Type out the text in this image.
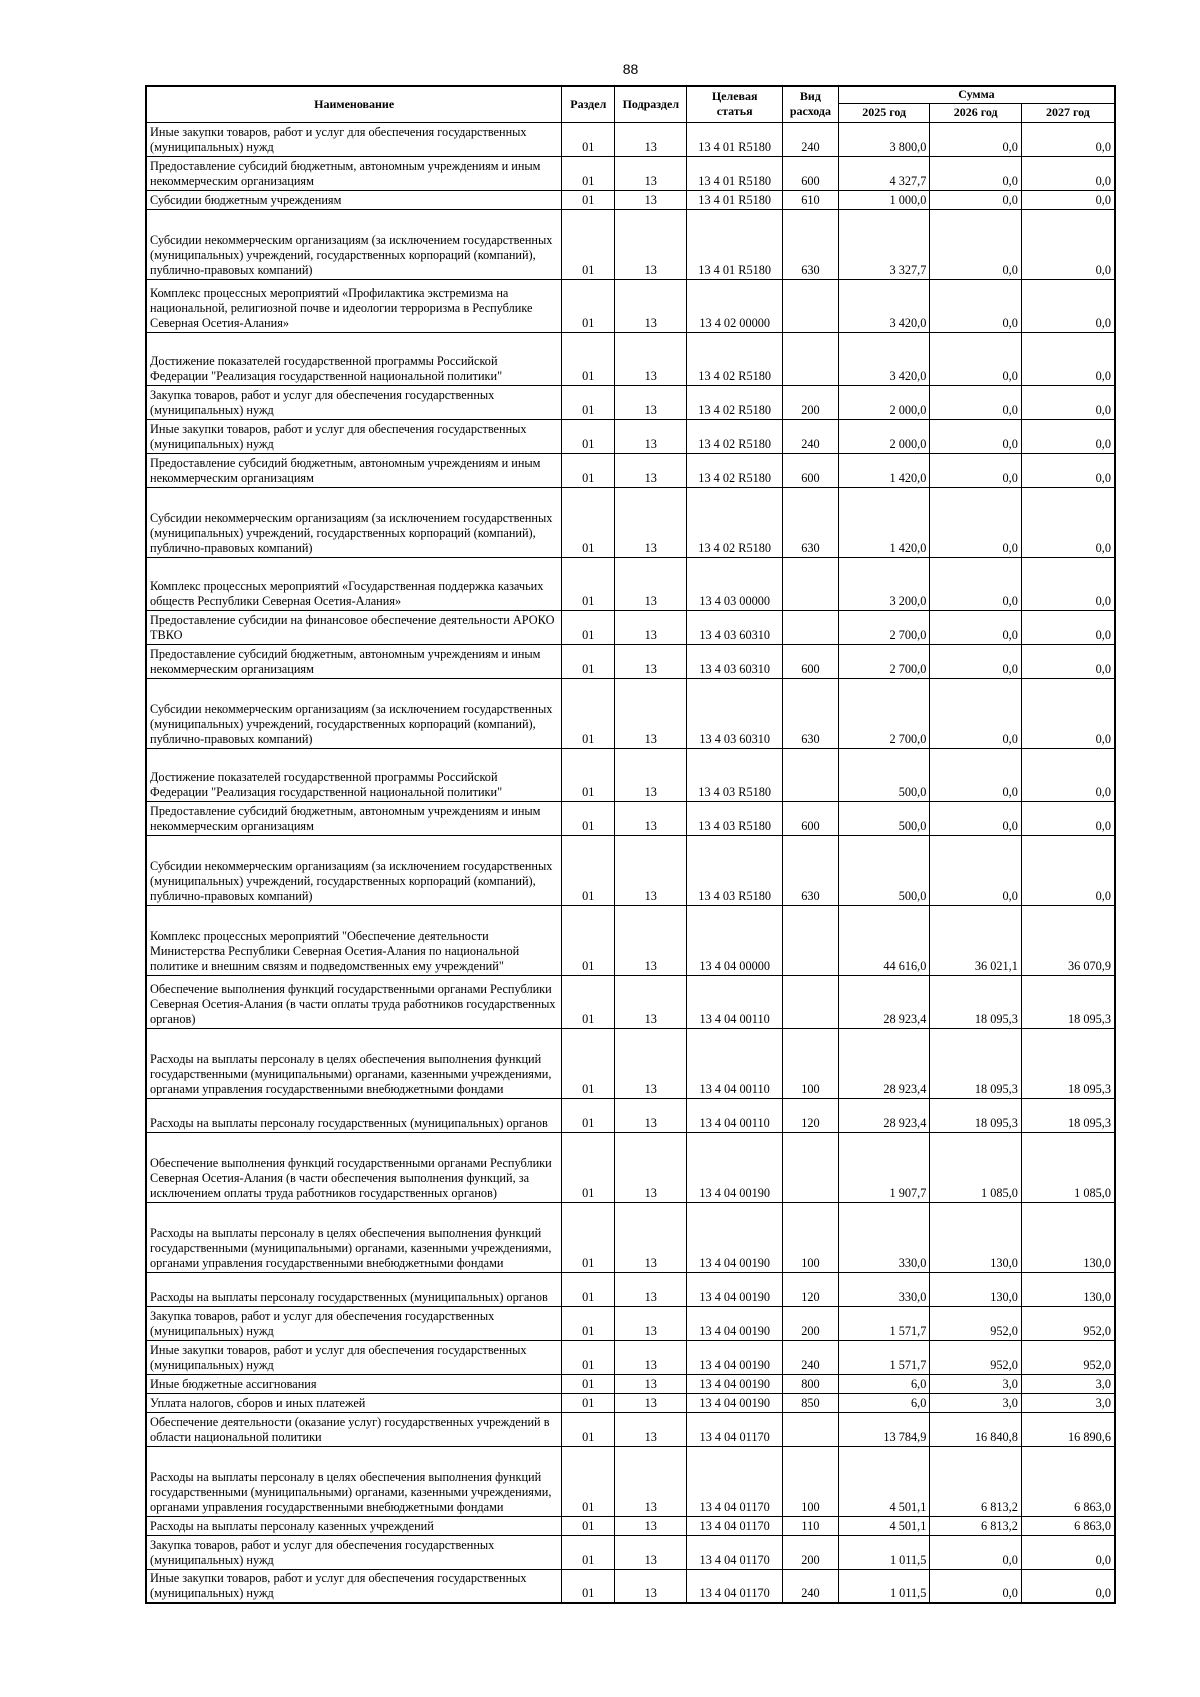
88
Наименование	Раздел	Подраздел	Целевая статья	Вид расхода	Сумма		
					2025 год	2026 год	2027 год
Иные закупки товаров, работ и услуг для обеспечения государственных (муниципальных) нужд	01	13	13 4 01 R5180	240	3 800,0	0,0	0,0
Предоставление субсидий бюджетным, автономным учреждениям и иным некоммерческим организациям	01	13	13 4 01 R5180	600	4 327,7	0,0	0,0
Субсидии бюджетным учреждениям	01	13	13 4 01 R5180	610	1 000,0	0,0	0,0
Субсидии некоммерческим организациям (за исключением государственных (муниципальных) учреждений, государственных корпораций (компаний), публично-правовых компаний)	01	13	13 4 01 R5180	630	3 327,7	0,0	0,0
Комплекс процессных мероприятий «Профилактика экстремизма на национальной, религиозной почве и идеологии терроризма в Республике Северная Осетия-Алания»	01	13	13 4 02 00000		3 420,0	0,0	0,0
Достижение показателей государственной программы Российской Федерации "Реализация государственной национальной политики"	01	13	13 4 02 R5180		3 420,0	0,0	0,0
Закупка товаров, работ и услуг для обеспечения государственных (муниципальных) нужд	01	13	13 4 02 R5180	200	2 000,0	0,0	0,0
Иные закупки товаров, работ и услуг для обеспечения государственных (муниципальных) нужд	01	13	13 4 02 R5180	240	2 000,0	0,0	0,0
Предоставление субсидий бюджетным, автономным учреждениям и иным некоммерческим организациям	01	13	13 4 02 R5180	600	1 420,0	0,0	0,0
Субсидии некоммерческим организациям (за исключением государственных (муниципальных) учреждений, государственных корпораций (компаний), публично-правовых компаний)	01	13	13 4 02 R5180	630	1 420,0	0,0	0,0
Комплекс процессных мероприятий «Государственная поддержка казачьих обществ Республики Северная Осетия-Алания»	01	13	13 4 03 00000		3 200,0	0,0	0,0
Предоставление субсидии на финансовое обеспечение деятельности АРОКО ТВКО	01	13	13 4 03 60310		2 700,0	0,0	0,0
Предоставление субсидий бюджетным, автономным учреждениям и иным некоммерческим организациям	01	13	13 4 03 60310	600	2 700,0	0,0	0,0
Субсидии некоммерческим организациям (за исключением государственных (муниципальных) учреждений, государственных корпораций (компаний), публично-правовых компаний)	01	13	13 4 03 60310	630	2 700,0	0,0	0,0
Достижение показателей государственной программы Российской Федерации "Реализация государственной национальной политики"	01	13	13 4 03 R5180		500,0	0,0	0,0
Предоставление субсидий бюджетным, автономным учреждениям и иным некоммерческим организациям	01	13	13 4 03 R5180	600	500,0	0,0	0,0
Субсидии некоммерческим организациям (за исключением государственных (муниципальных) учреждений, государственных корпораций (компаний), публично-правовых компаний)	01	13	13 4 03 R5180	630	500,0	0,0	0,0
Комплекс процессных мероприятий "Обеспечение деятельности Министерства Республики Северная Осетия-Алания по национальной политике и внешним связям и подведомственных ему учреждений"	01	13	13 4 04 00000		44 616,0	36 021,1	36 070,9
Обеспечение выполнения функций государственными органами Республики Северная Осетия-Алания (в части оплаты труда работников государственных органов)	01	13	13 4 04 00110		28 923,4	18 095,3	18 095,3
Расходы на выплаты персоналу в целях обеспечения выполнения функций государственными (муниципальными) органами, казенными учреждениями, органами управления государственными внебюджетными фондами	01	13	13 4 04 00110	100	28 923,4	18 095,3	18 095,3
Расходы на выплаты персоналу государственных (муниципальных) органов	01	13	13 4 04 00110	120	28 923,4	18 095,3	18 095,3
Обеспечение выполнения функций государственными органами Республики Северная Осетия-Алания (в части обеспечения выполнения функций, за исключением оплаты труда работников государственных органов)	01	13	13 4 04 00190		1 907,7	1 085,0	1 085,0
Расходы на выплаты персоналу в целях обеспечения выполнения функций государственными (муниципальными) органами, казенными учреждениями, органами управления государственными внебюджетными фондами	01	13	13 4 04 00190	100	330,0	130,0	130,0
Расходы на выплаты персоналу государственных (муниципальных) органов	01	13	13 4 04 00190	120	330,0	130,0	130,0
Закупка товаров, работ и услуг для обеспечения государственных (муниципальных) нужд	01	13	13 4 04 00190	200	1 571,7	952,0	952,0
Иные закупки товаров, работ и услуг для обеспечения государственных (муниципальных) нужд	01	13	13 4 04 00190	240	1 571,7	952,0	952,0
Иные бюджетные ассигнования	01	13	13 4 04 00190	800	6,0	3,0	3,0
Уплата налогов, сборов и иных платежей	01	13	13 4 04 00190	850	6,0	3,0	3,0
Обеспечение деятельности (оказание услуг) государственных учреждений в области национальной политики	01	13	13 4 04 01170		13 784,9	16 840,8	16 890,6
Расходы на выплаты персоналу в целях обеспечения выполнения функций государственными (муниципальными) органами, казенными учреждениями, органами управления государственными внебюджетными фондами	01	13	13 4 04 01170	100	4 501,1	6 813,2	6 863,0
Расходы на выплаты персоналу казенных учреждений	01	13	13 4 04 01170	110	4 501,1	6 813,2	6 863,0
Закупка товаров, работ и услуг для обеспечения государственных (муниципальных) нужд	01	13	13 4 04 01170	200	1 011,5	0,0	0,0
Иные закупки товаров, работ и услуг для обеспечения государственных (муниципальных) нужд	01	13	13 4 04 01170	240	1 011,5	0,0	0,0
